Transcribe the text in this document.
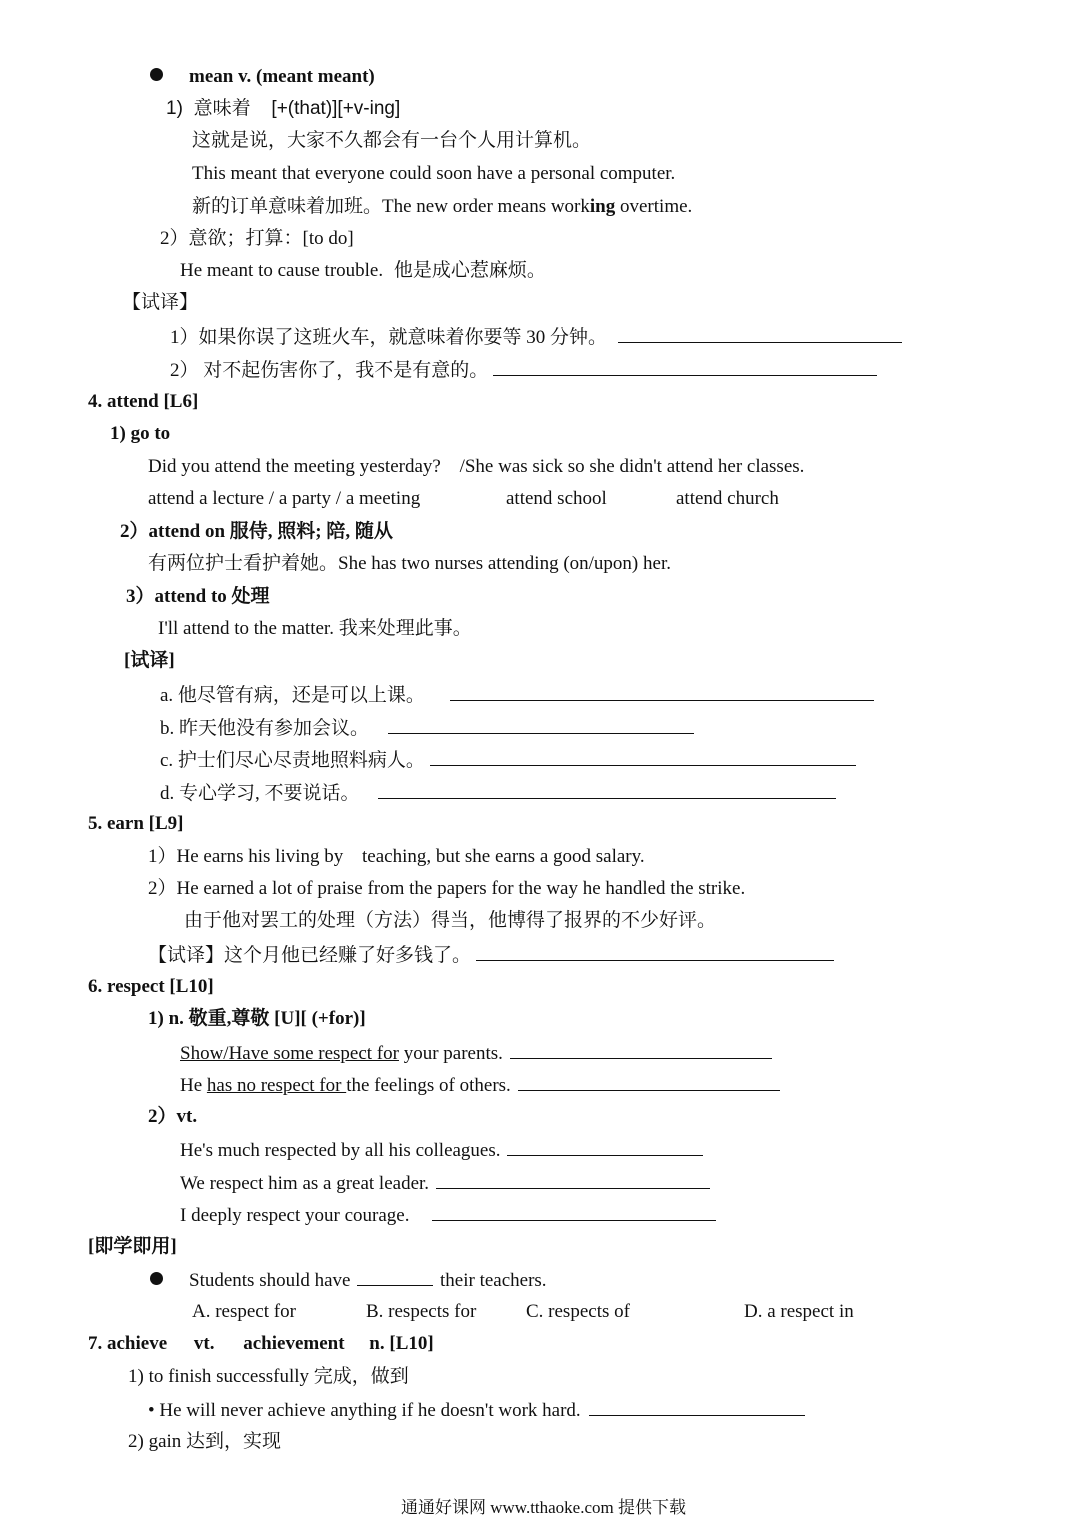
mean v. (meant meant)
1) 意味着 [+(that)][+v-ing]
这就是说，大家不久都会有一台个人用计算机。
This meant that everyone could soon have a personal computer.
新的订单意味着加班。The new order means working overtime.
2）意欲；打算：[to do]
He meant to cause trouble. 他是成心惹麻烦。
【试译】
1）如果你误了这班火车，就意味着你要等 30 分钟。
2） 对不起伤害你了，我不是有意的。
4. attend [L6]
1) go to
Did you attend the meeting yesterday? /She was sick so she didn't attend her classes.
attend a lecture / a party / a meeting	attend school	attend church
2）attend on 服侍, 照料; 陪, 随从
有两位护士看护着她。She has two nurses attending (on/upon) her.
3）attend to 处理
I'll attend to the matter. 我来处理此事。
[试译]
a. 他尽管有病，还是可以上课。
b. 昨天他没有参加会议。
c. 护士们尽心尽责地照料病人。
d. 专心学习, 不要说话。
5. earn [L9]
1）He earns his living by teaching, but she earns a good salary.
2）He earned a lot of praise from the papers for the way he handled the strike.
由于他对罢工的处理（方法）得当，他博得了报界的不少好评。
【试译】这个月他已经赚了好多钱了。
6. respect [L10]
1) n. 敬重,尊敬 [U][ (+for)]
Show/Have some respect for your parents.
He has no respect for the feelings of others.
2）vt.
He's much respected by all his colleagues.
We respect him as a great leader.
I deeply respect your courage.
[即学即用]
Students should have	their teachers.
A. respect for	B. respects for	C. respects of	D. a respect in
7. achieve vt. achievement n. [L10]
1) to finish successfully 完成，做到
• He will never achieve anything if he doesn't work hard.
2) gain 达到，实现
通通好课网 www.tthaoke.com 提供下载
